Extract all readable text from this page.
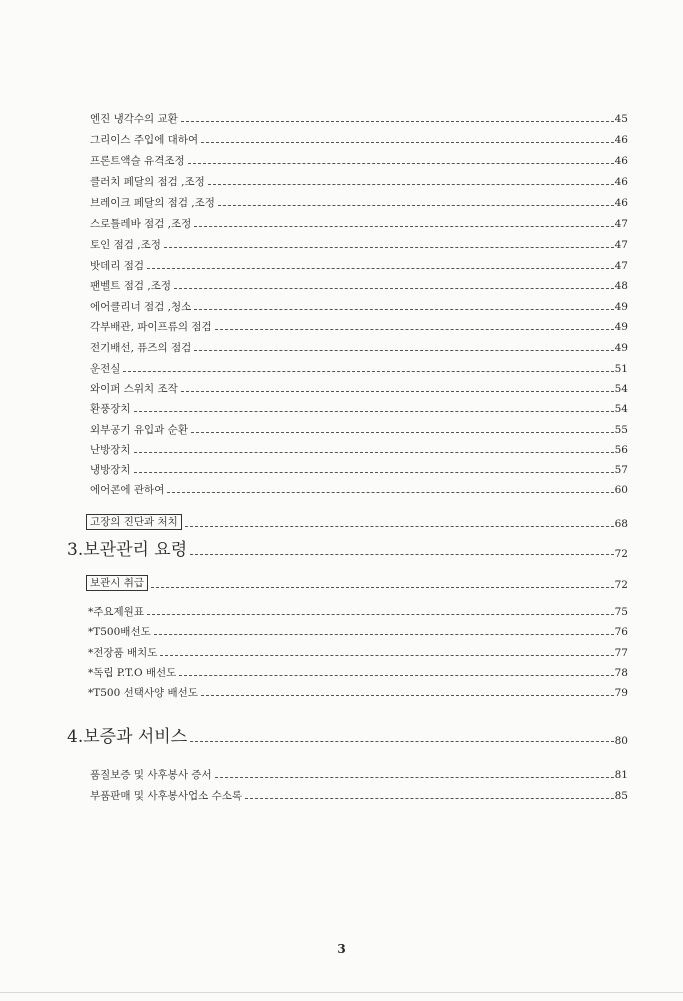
엔진 냉각수의 교환	45
그리이스 주입에 대하여	46
프론트액슬 유격조정	46
클러치 페달의 점검 ,조정	46
브레이크 페달의 점검 ,조정	46
스로틀레바 점검 ,조정	47
토인 점검 ,조정	47
밧데리 점검	47
팬벨트 점검 ,조정	48
에어클리너 점검 ,청소	49
각부배관, 파이프류의 점검	49
전기배선, 퓨즈의 점검	49
운전실	51
와이퍼 스위치 조작	54
환풍장치	54
외부공기 유입과 순환	55
난방장치	56
냉방장치	57
에어콘에 관하여	60
고장의 진단과 처치	68
3.보관관리 요령	72
보관시 취급	72
*주요제원표	75
*T500배선도	76
*전장품 배치도	77
*독립 P.T.O 배선도	78
*T500 선택사양 배선도	79
4.보증과 서비스	80
품질보증 및 사후봉사 증서	81
부품판매 및 사후봉사업소 수소록	85
3
